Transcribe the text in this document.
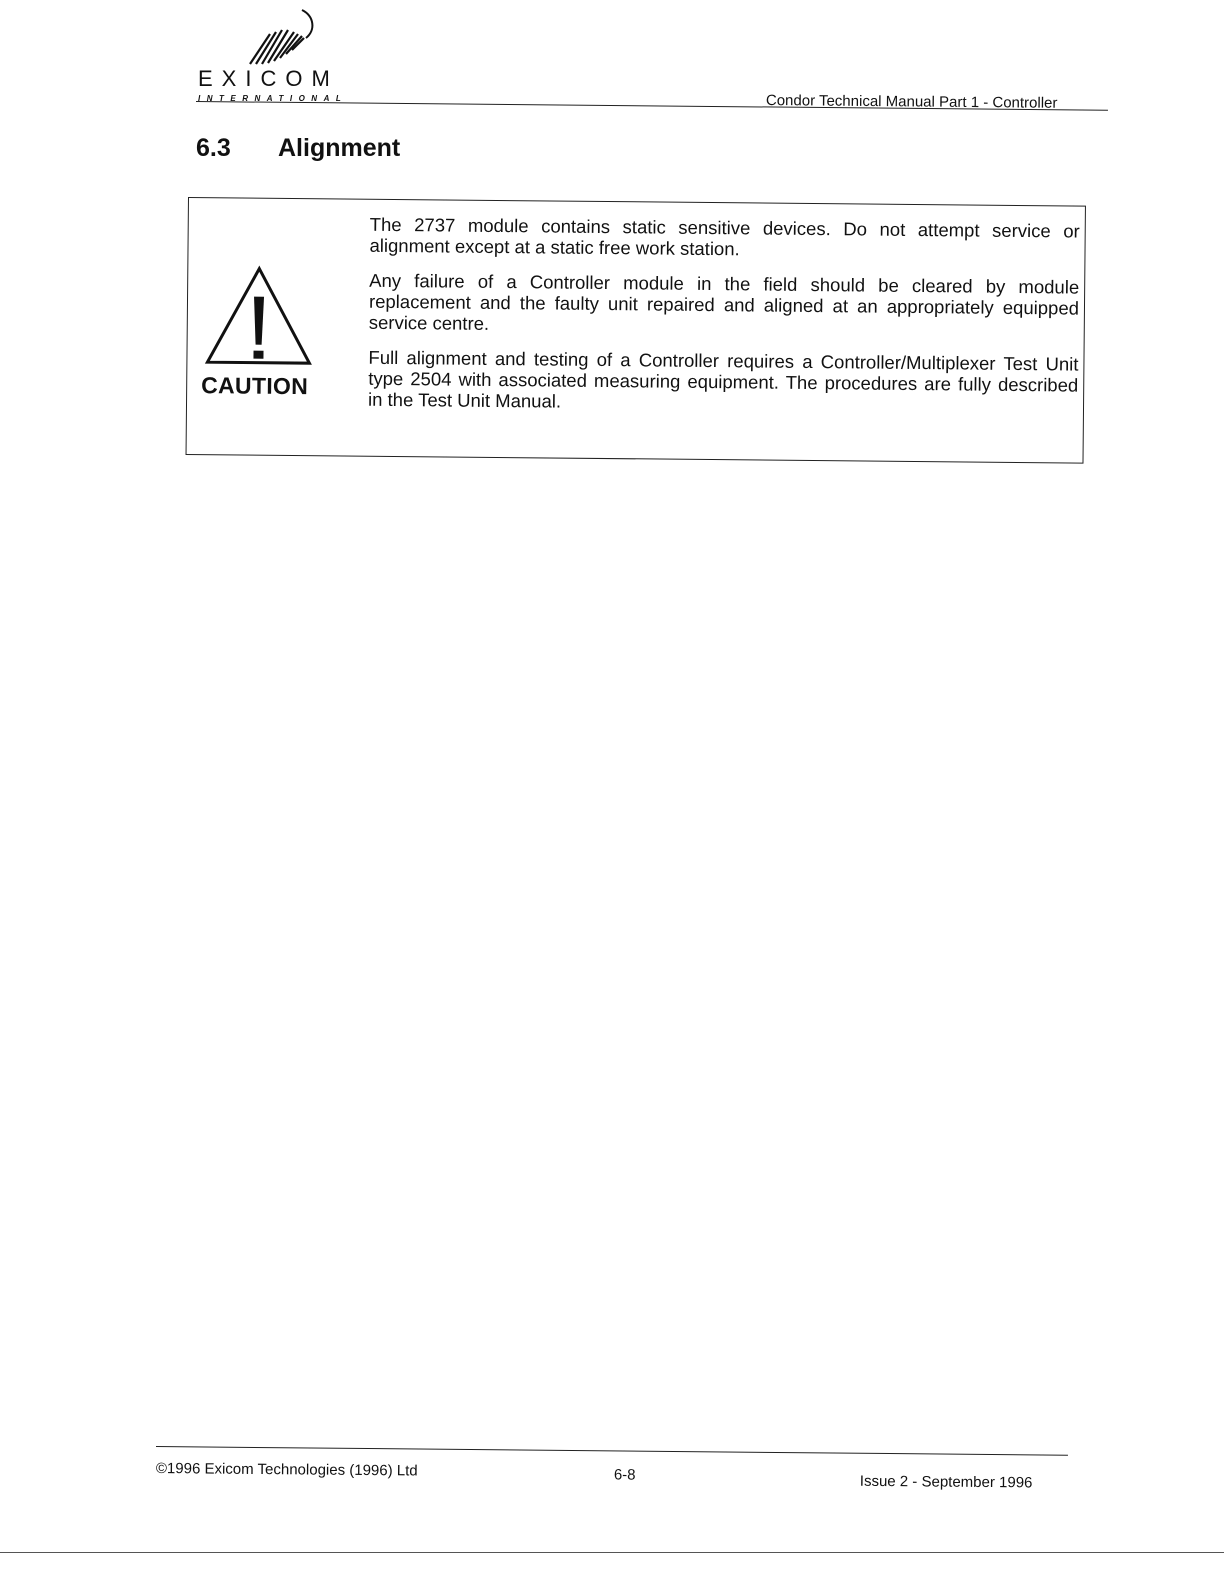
EXICOM
INTERNATIONAL	Condor Technical Manual Part 1 - Controller
6.3 Alignment
CAUTION

The 2737 module contains static sensitive devices. Do not attempt service or alignment except at a static free work station.

Any failure of a Controller module in the field should be cleared by module replacement and the faulty unit repaired and aligned at an appropriately equipped service centre.

Full alignment and testing of a Controller requires a Controller/Multiplexer Test Unit type 2504 with associated measuring equipment. The procedures are fully described in the Test Unit Manual.

©1996 Exicom Technologies (1996) Ltd	6-8	Issue 2 - September 1996
